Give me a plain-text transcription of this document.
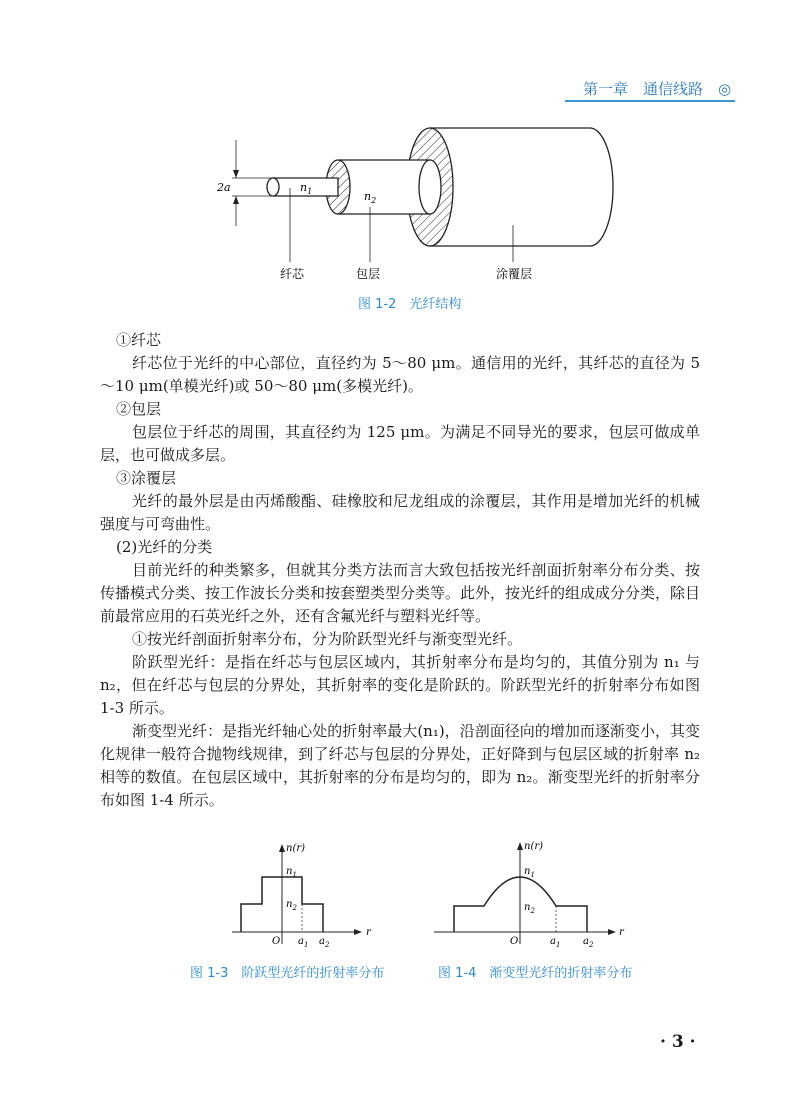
第一章　通信线路　◎
2a	$n_1$	$n_2$
纤芯	包层	涂覆层
图 1-2　光纤结构

①纤芯

纤芯位于光纤的中心部位，直径约为 5～80 μm。通信用的光纤，其纤芯的直径为 5～10 μm(单模光纤)或 50～80 μm(多模光纤)。

②包层

包层位于纤芯的周围，其直径约为 125 μm。为满足不同导光的要求，包层可做成单层，也可做成多层。

③涂覆层

光纤的最外层是由丙烯酸酯、硅橡胶和尼龙组成的涂覆层，其作用是增加光纤的机械强度与可弯曲性。

(2)光纤的分类

目前光纤的种类繁多，但就其分类方法而言大致包括按光纤剖面折射率分布分类、按传播模式分类、按工作波长分类和按套塑类型分类等。此外，按光纤的组成成分分类，除目前最常应用的石英光纤之外，还有含氟光纤与塑料光纤等。

①按光纤剖面折射率分布，分为阶跃型光纤与渐变型光纤。

阶跃型光纤：是指在纤芯与包层区域内，其折射率分布是均匀的，其值分别为 n₁ 与 n₂，但在纤芯与包层的分界处，其折射率的变化是阶跃的。阶跃型光纤的折射率分布如图 1-3 所示。

渐变型光纤：是指光纤轴心处的折射率最大(n₁)，沿剖面径向的增加而逐渐变小，其变化规律一般符合抛物线规律，到了纤芯与包层的分界处，正好降到与包层区域的折射率 n₂ 相等的数值。在包层区域中，其折射率的分布是均匀的，即为 n₂。渐变型光纤的折射率分布如图 1-4 所示。

n(r)
r
$n_1$
$n_2$
O $a_1$ $a_2$
图 1-3　阶跃型光纤的折射率分布
n(r)
r
$n_1$
$n_2$
O	$a_1$ $a_2$
图 1-4　渐变型光纤的折射率分布
· 3 ·
